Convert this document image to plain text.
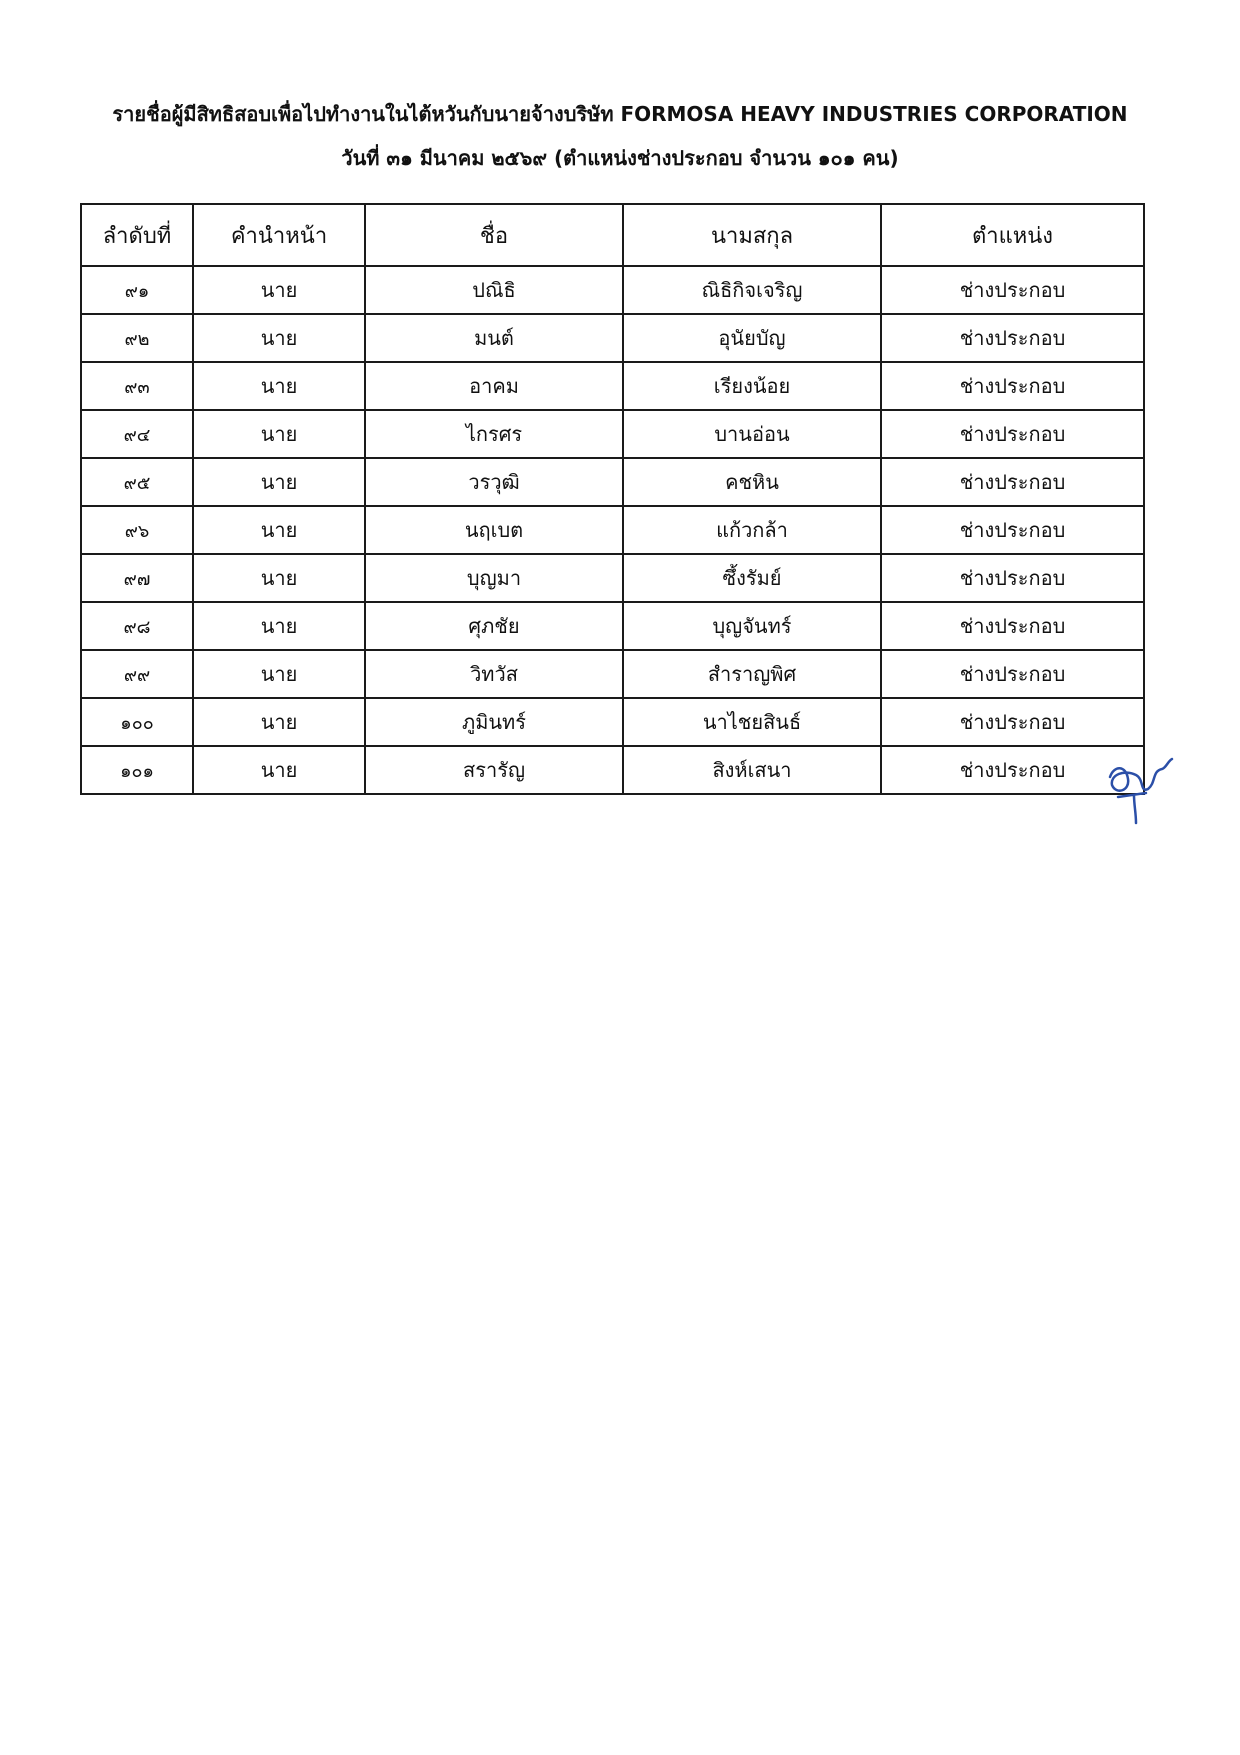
รายชื่อผู้มีสิทธิสอบเพื่อไปทำงานในไต้หวันกับนายจ้างบริษัท FORMOSA HEAVY INDUSTRIES CORPORATION
วันที่ ๓๑ มีนาคม ๒๕๖๙ (ตำแหน่งช่างประกอบ จำนวน ๑๐๑ คน)
ลำดับที่	คำนำหน้า	ชื่อ	นามสกุล	ตำแหน่ง
๙๑	นาย	ปณิธิ	ณิธิกิจเจริญ	ช่างประกอบ
๙๒	นาย	มนต์	อุนัยบัญ	ช่างประกอบ
๙๓	นาย	อาคม	เรียงน้อย	ช่างประกอบ
๙๔	นาย	ไกรศร	บานอ่อน	ช่างประกอบ
๙๕	นาย	วรวุฒิ	คชหิน	ช่างประกอบ
๙๖	นาย	นฤเบต	แก้วกล้า	ช่างประกอบ
๙๗	นาย	บุญมา	ซึ้งรัมย์	ช่างประกอบ
๙๘	นาย	ศุภชัย	บุญจันทร์	ช่างประกอบ
๙๙	นาย	วิทวัส	สำราญพิศ	ช่างประกอบ
๑๐๐	นาย	ภูมินทร์	นาไชยสินธ์	ช่างประกอบ
๑๐๑	นาย	สรารัญ	สิงห์เสนา	ช่างประกอบ
